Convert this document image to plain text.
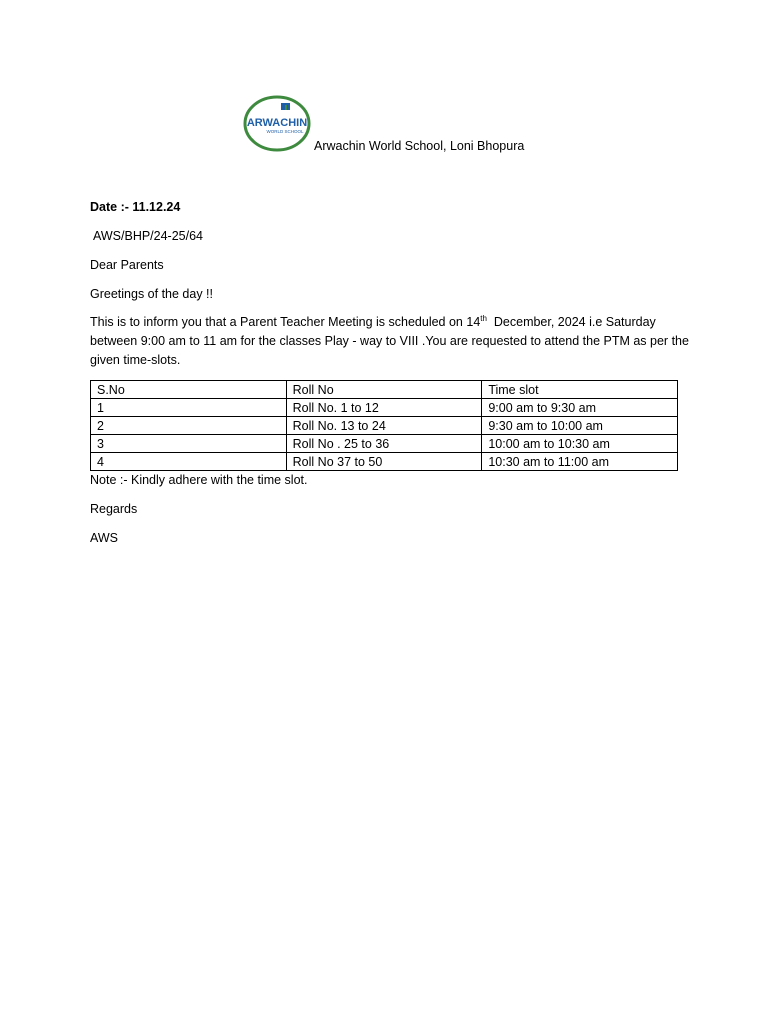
ARWACHIN
WORLD SCHOOL
Arwachin World School, Loni Bhopura
Date :- 11.12.24
AWS/BHP/24-25/64
Dear Parents
Greetings of the day !!
This is to inform you that a Parent Teacher Meeting is scheduled on 14th December, 2024 i.e Saturday between 9:00 am to 11 am for the classes Play - way to VIII .You are requested to attend the PTM as per the given time-slots.
S.No	Roll No	Time slot
1	Roll No. 1 to 12	9:00 am to 9:30 am
2	Roll No. 13 to 24	9:30 am to 10:00 am
3	Roll No . 25 to 36	10:00 am to 10:30 am
4	Roll No 37 to 50	10:30 am to 11:00 am
Note :- Kindly adhere with the time slot.
Regards
AWS
